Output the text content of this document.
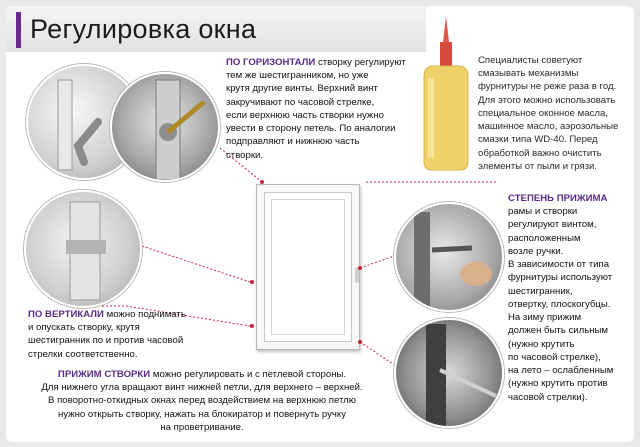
Регулировка окна
ПО ГОРИЗОНТАЛИ створку регулируют
тем же шестигранником, но уже
крутя другие винты. Верхний винт
закручивают по часовой стрелке,
если верхнюю часть створки нужно
увести в сторону петель. По аналогии
подправляют и нижнюю часть
створки.
Специалисты советуют
смазывать механизмы
фурнитуры не реже раза в год.
Для этого можно использовать
специальное оконное масла,
машинное масло, аэрозольные
смазки типа WD-40. Перед
обработкой важно очистить
элементы от пыли и грязи.
СТЕПЕНЬ ПРИЖИМА
рамы и створки
регулируют винтом,
расположенным
возле ручки.
В зависимости от типа
фурнитуры используют
шестигранник,
отвертку, плоскогубцы.
На зиму прижим
должен быть сильным
(нужно крутить
по часовой стрелке),
на лето – ослабленным
(нужно крутить против
часовой стрелки).
ПО ВЕРТИКАЛИ можно поднимать
и опускать створку, крутя
шестигранник по и против часовой
стрелки соответственно.
ПРИЖИМ СТВОРКИ можно регулировать и с петлевой стороны.
Для нижнего угла вращают винт нижней петли, для верхнего – верхней.
В поворотно-откидных окнах перед воздействием на верхнюю петлю
нужно открыть створку, нажать на блокиратор и повернуть ручку
на проветривание.
